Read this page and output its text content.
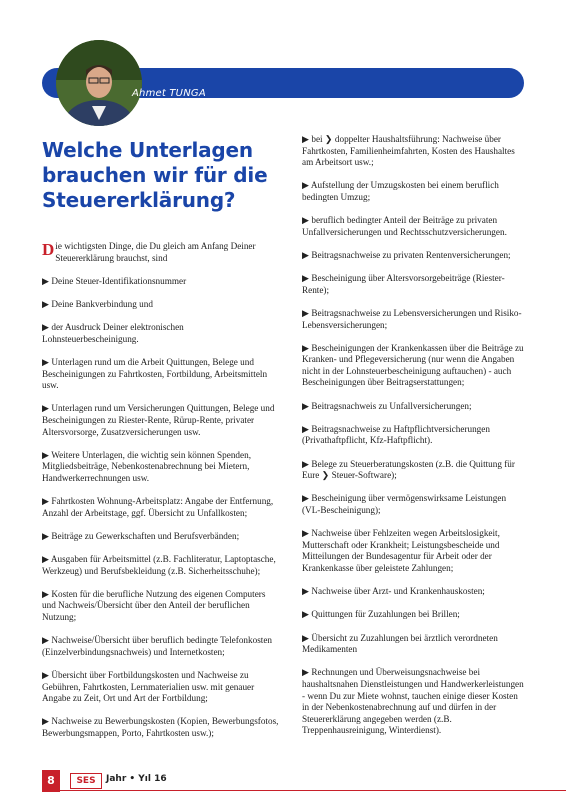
Ahmet TUNGA
Welche Unterlagen brauchen wir für die Steuererklärung?

Die wichtigsten Dinge, die Du gleich am Anfang Deiner Steuererklärung brauchst, sind

▶ Deine Steuer-Identifikationsnummer

▶ Deine Bankverbindung und

▶ der Ausdruck Deiner elektronischen Lohnsteuerbescheinigung.

▶ Unterlagen rund um die Arbeit Quittungen, Belege und Bescheinigungen zu Fahrtkosten, Fortbildung, Arbeitsmitteln usw.

▶ Unterlagen rund um Versicherungen Quittungen, Belege und Bescheinigungen zu Riester-Rente, Rürup-Rente, privater Altersvorsorge, Zusatzversicherungen usw.

▶ Weitere Unterlagen, die wichtig sein können Spenden, Mitgliedsbeiträge, Nebenkostenabrechnung bei Mietern, Handwerkerrechnungen usw.

▶ Fahrtkosten Wohnung-Arbeitsplatz: Angabe der Entfernung, Anzahl der Arbeitstage, ggf. Übersicht zu Unfallkosten;

▶ Beiträge zu Gewerkschaften und Berufsverbänden;

▶ Ausgaben für Arbeitsmittel (z.B. Fachliteratur, Laptoptasche, Werkzeug) und Berufsbekleidung (z.B. Sicherheitsschuhe);

▶ Kosten für die berufliche Nutzung des eigenen Computers und Nachweis/Übersicht über den Anteil der beruflichen Nutzung;

▶ Nachweise/Übersicht über beruflich bedingte Telefonkosten (Einzelverbindungsnachweis) und Internetkosten;

▶ Übersicht über Fortbildungskosten und Nachweise zu Gebühren, Fahrtkosten, Lernmaterialien usw. mit genauer Angabe zu Zeit, Ort und Art der Fortbildung;

▶ Nachweise zu Bewerbungskosten (Kopien, Bewerbungsfotos, Bewerbungsmappen, Porto, Fahrtkosten usw.);

▶ bei ❯ doppelter Haushaltsführung: Nachweise über Fahrtkosten, Familienheimfahrten, Kosten des Haushaltes am Arbeitsort usw.;

▶ Aufstellung der Umzugskosten bei einem beruflich bedingten Umzug;

▶ beruflich bedingter Anteil der Beiträge zu privaten Unfallversicherungen und Rechtsschutzversicherungen.

▶ Beitragsnachweise zu privaten Rentenversicherungen;

▶ Bescheinigung über Altersvorsorgebeiträge (Riester-Rente);

▶ Beitragsnachweise zu Lebensversicherungen und Risiko- Lebensversicherungen;

▶ Bescheinigungen der Krankenkassen über die Beiträge zu Kranken- und Pflegeversicherung (nur wenn die Angaben nicht in der Lohnsteuerbescheinigung auftauchen) - auch Bescheinigungen über Beitragserstattungen;

▶ Beitragsnachweis zu Unfallversicherungen;

▶ Beitragsnachweise zu Haftpflichtversicherungen (Privathaftpflicht, Kfz-Haftpflicht).

▶ Belege zu Steuerberatungskosten (z.B. die Quittung für Eure ❯ Steuer-Software);

▶ Bescheinigung über vermögenswirksame Leistungen (VL-Bescheinigung);

▶ Nachweise über Fehlzeiten wegen Arbeitslosigkeit, Mutterschaft oder Krankheit; Leistungsbescheide und Mitteilungen der Bundesagentur für Arbeit oder der Krankenkasse über geleistete Zahlungen;

▶ Nachweise über Arzt- und Krankenhauskosten;

▶ Quittungen für Zuzahlungen bei Brillen;

▶ Übersicht zu Zuzahlungen bei ärztlich verordneten Medikamenten

▶ Rechnungen und Überweisungsnachweise bei haushaltsnahen Dienstleistungen und Handwerkerleistungen - wenn Du zur Miete wohnst, tauchen einige dieser Kosten in der Nebenkostenabrechnung auf und dürfen in der Steuererklärung angegeben werden (z.B. Treppenhausreinigung, Winterdienst).

8	SES	Jahr • Yıl 16
